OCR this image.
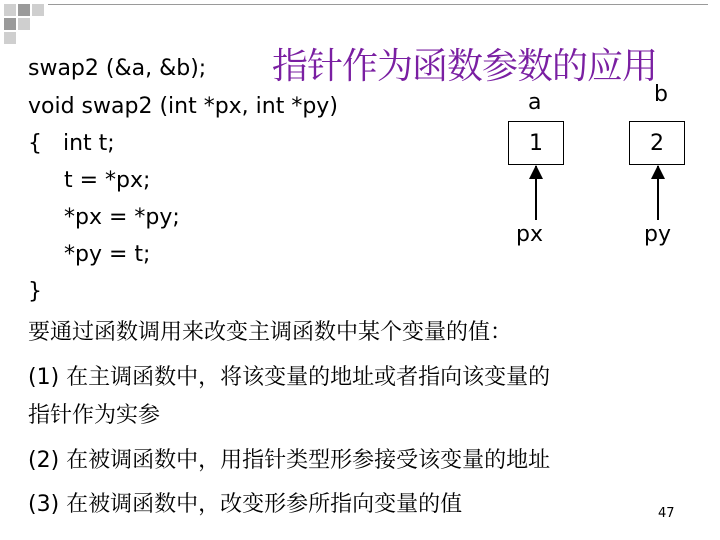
swap2 (&a, &b); 指针作为函数参数的应用
void swap2 (int *px, int *py)
{   int t;
t = *px;
*px = *py;
*py = t;
}
a	b
1	2
px	py
要通过函数调用来改变主调函数中某个变量的值：
(1) 在主调函数中，将该变量的地址或者指向该变量的
指针作为实参
(2) 在被调函数中，用指针类型形参接受该变量的地址
(3) 在被调函数中，改变形参所指向变量的值	47
